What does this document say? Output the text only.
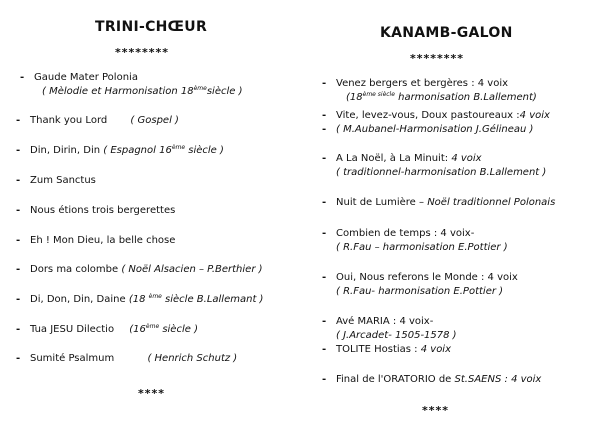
TRINI-CHŒUR
********
- Gaude Mater Polonia
( Mèlodie et Harmonisation 18èmesiècle )
- Thank you Lord ( Gospel )
- Din, Dirin, Din ( Espagnol 16ème siècle )
- Zum Sanctus
- Nous étions trois bergerettes
- Eh ! Mon Dieu, la belle chose
- Dors ma colombe ( Noël Alsacien – P.Berthier )
- Di, Don, Din, Daine (18 $^{ème}$ siècle B.Lallemant )
- Tua JESU Dilectio (16ème siècle )
- Sumité Psalmum	( Henrich Schutz )
****
KANAMB-GALON
********
- Venez bergers et bergères : 4 voix
($18^{ème siècle}$ harmonisation B.Lallement)
- Vite, levez-vous, Doux pastoureaux :4 voix
- ( M.Aubanel-Harmonisation J.Gélineau )
- A La Noël, à La Minuit: 4 voix
( traditionnel-harmonisation B.Lallement )
- Nuit de Lumière – Noël traditionnel Polonais
- Combien de temps : 4 voix-
( R.Fau – harmonisation E.Pottier )
- Oui, Nous referons le Monde : 4 voix
( R.Fau- harmonisation E.Pottier )
- Avé MARIA : 4 voix-
( J.Arcadet- 1505-1578 )
- TOLITE Hostias : 4 voix
- Final de l'ORATORIO de St.SAENS : 4 voix
****
